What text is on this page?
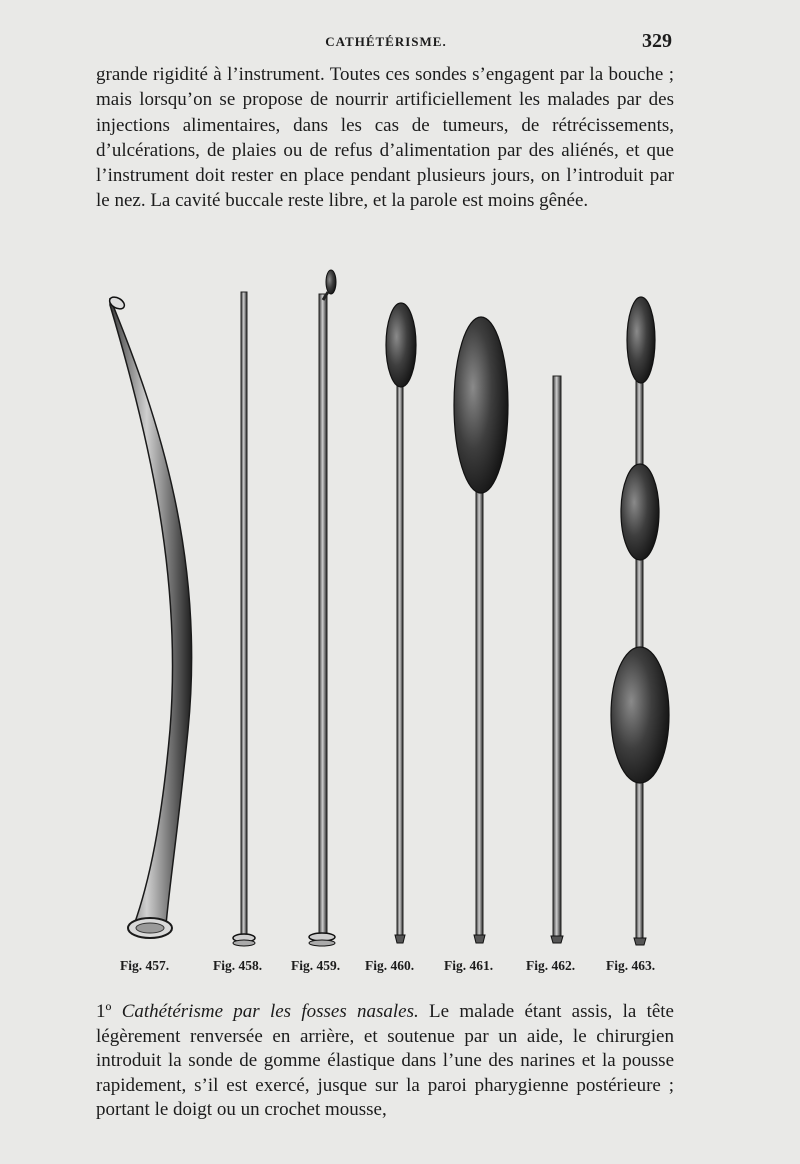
CATHÉTÉRISME.	329

grande rigidité à l’instrument. Toutes ces sondes s’engagent par la bouche ; mais lorsqu’on se propose de nourrir artificiellement les malades par des injections alimentaires, dans les cas de tumeurs, de rétrécissements, d’ulcérations, de plaies ou de refus d’alimentation par des aliénés, et que l’instrument doit rester en place pendant plusieurs jours, on l’introduit par le nez. La cavité buccale reste libre, et la parole est moins gênée.

Fig. 457.	Fig. 458. Fig. 459. Fig. 460. Fig. 461. Fig. 462. Fig. 463.

1º Cathétérisme par les fosses nasales. Le malade étant assis, la tête légèrement renversée en arrière, et soutenue par un aide, le chirurgien introduit la sonde de gomme élastique dans l’une des narines et la pousse rapidement, s’il est exercé, jusque sur la paroi pharygienne postérieure ; portant le doigt ou un crochet mousse,
